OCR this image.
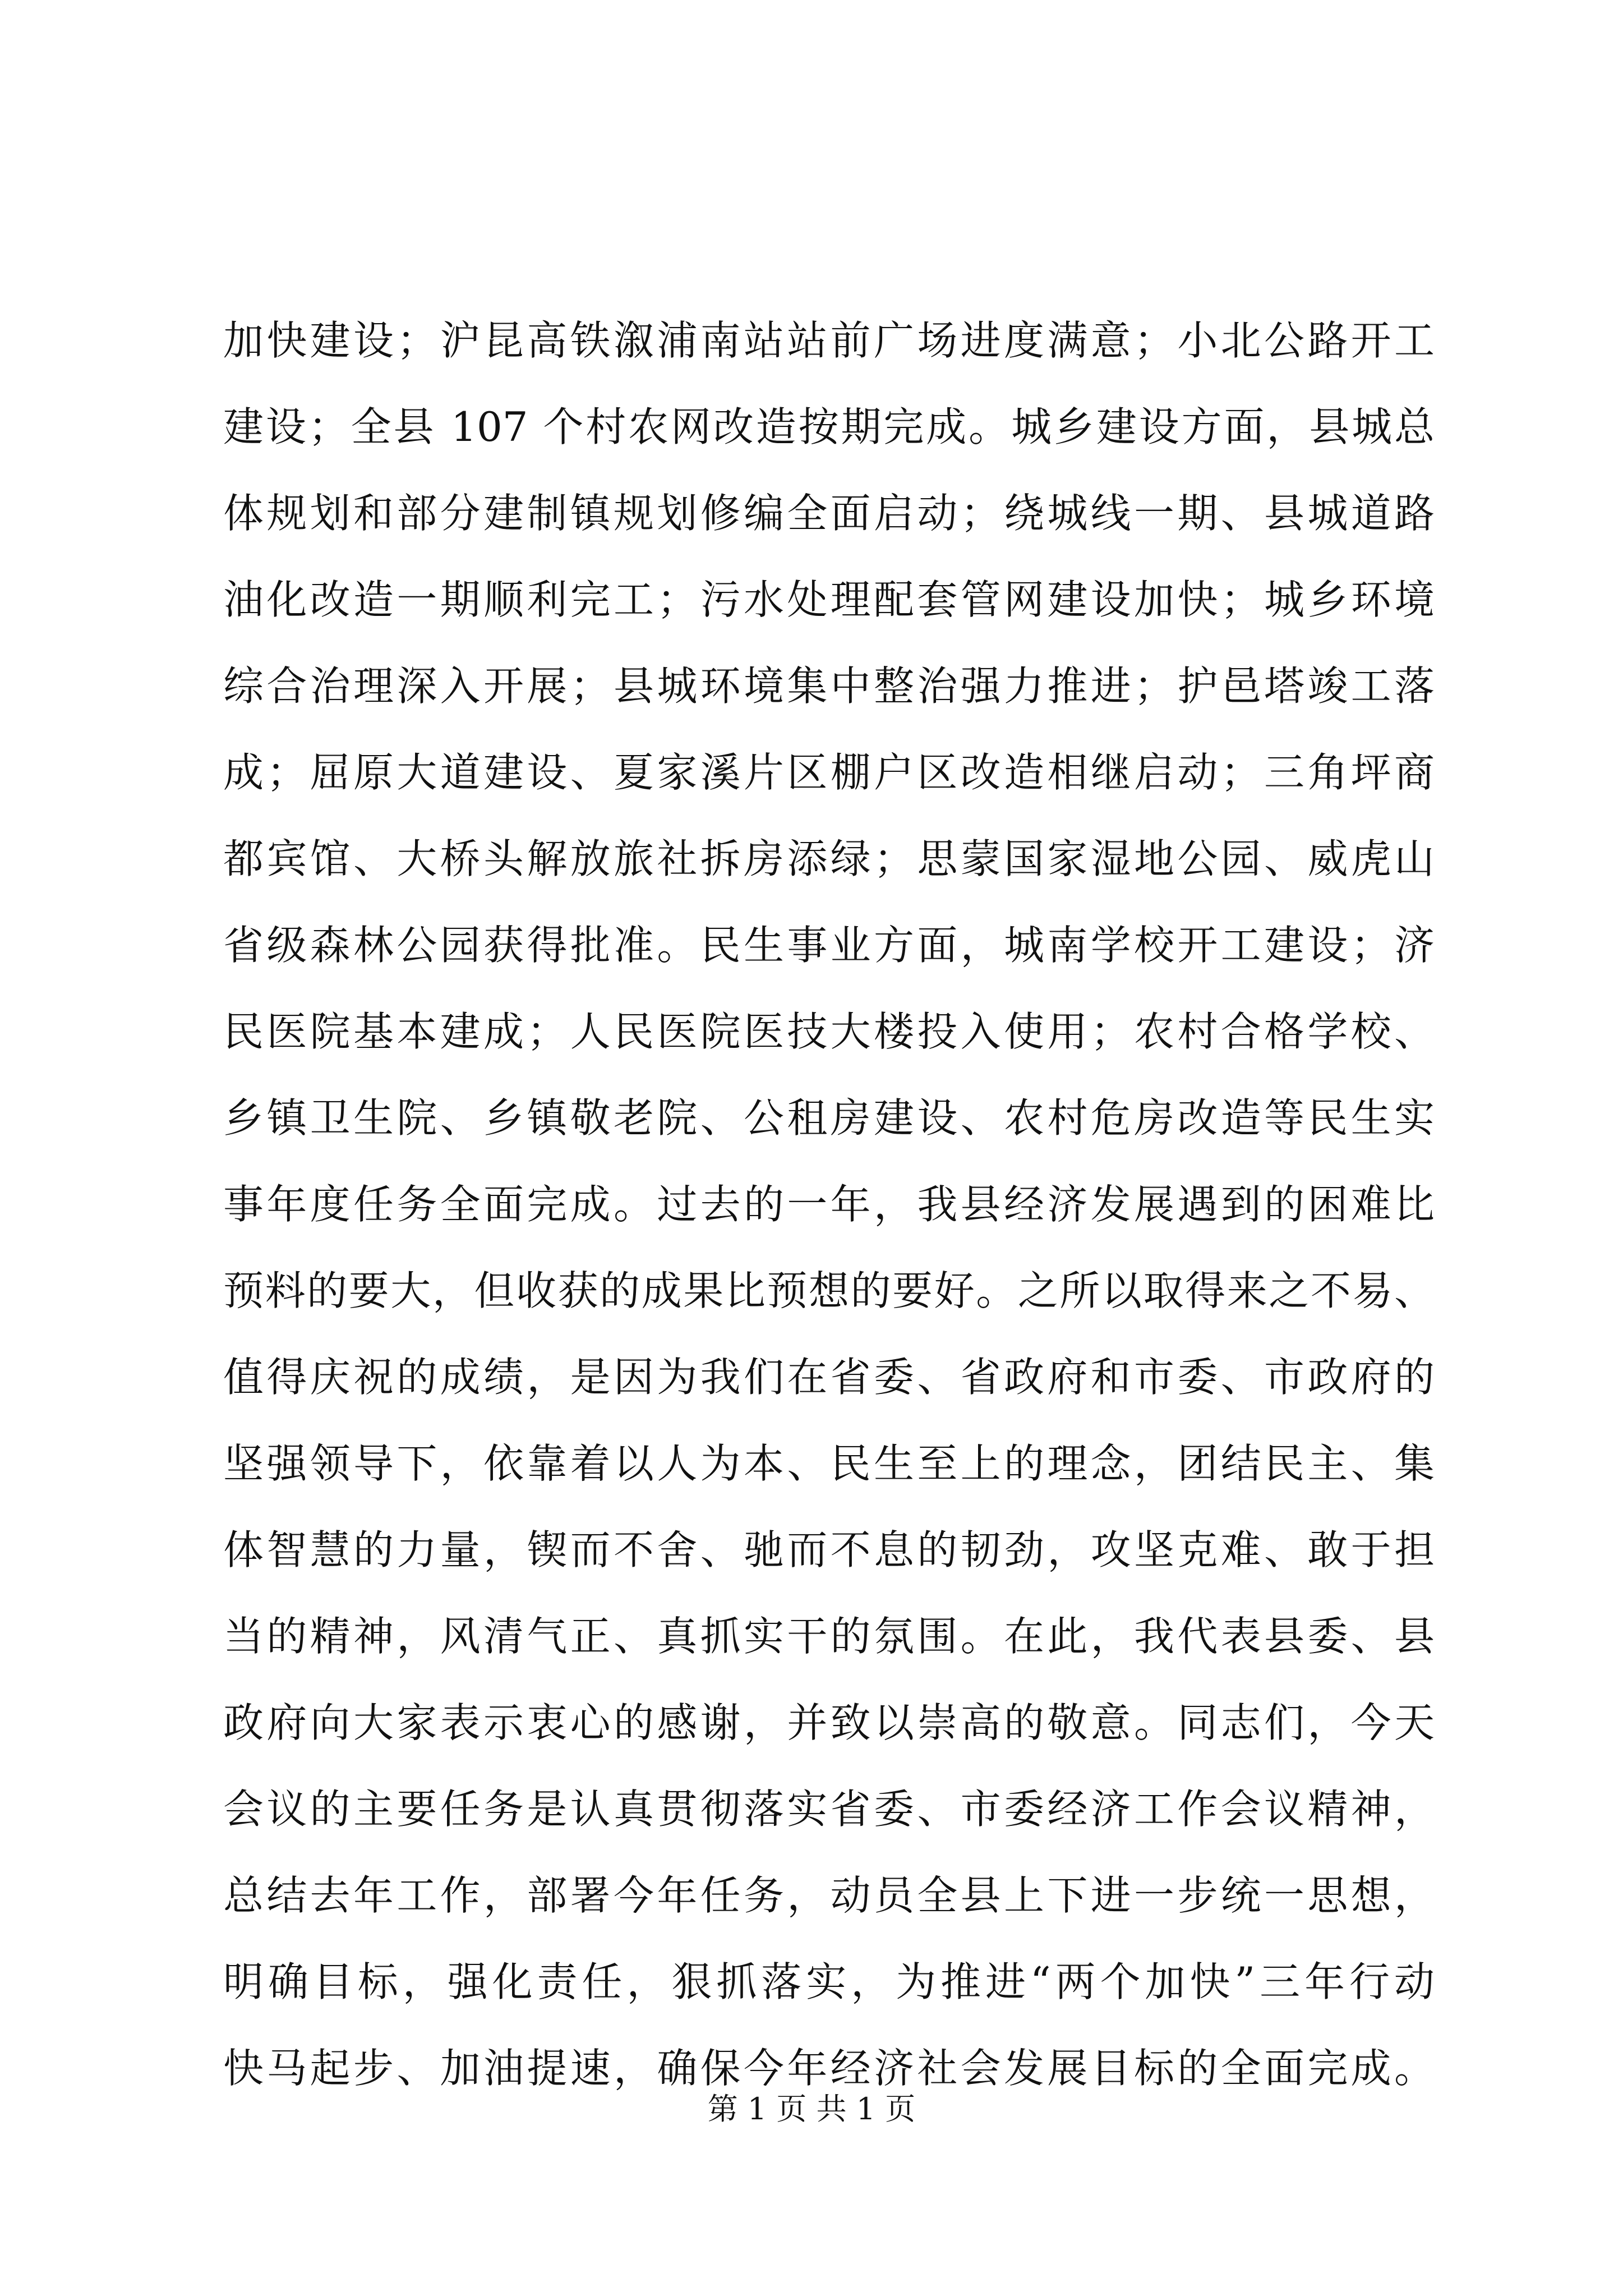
加快建设；沪昆高铁溆浦南站站前广场进度满意；小北公路开工
建设；全县 107 个村农网改造按期完成。城乡建设方面，县城总
体规划和部分建制镇规划修编全面启动；绕城线一期、县城道路
油化改造一期顺利完工；污水处理配套管网建设加快；城乡环境
综合治理深入开展；县城环境集中整治强力推进；护邑塔竣工落
成；屈原大道建设、夏家溪片区棚户区改造相继启动；三角坪商
都宾馆、大桥头解放旅社拆房添绿；思蒙国家湿地公园、威虎山
省级森林公园获得批准。民生事业方面，城南学校开工建设；济
民医院基本建成；人民医院医技大楼投入使用；农村合格学校、
乡镇卫生院、乡镇敬老院、公租房建设、农村危房改造等民生实
事年度任务全面完成。过去的一年，我县经济发展遇到的困难比
预料的要大，但收获的成果比预想的要好。之所以取得来之不易、
值得庆祝的成绩，是因为我们在省委、省政府和市委、市政府的
坚强领导下，依靠着以人为本、民生至上的理念，团结民主、集
体智慧的力量，锲而不舍、驰而不息的韧劲，攻坚克难、敢于担
当的精神，风清气正、真抓实干的氛围。在此，我代表县委、县
政府向大家表示衷心的感谢，并致以崇高的敬意。同志们，今天
会议的主要任务是认真贯彻落实省委、市委经济工作会议精神，
总结去年工作，部署今年任务，动员全县上下进一步统一思想，
明确目标，强化责任，狠抓落实，为推进“两个加快”三年行动
快马起步、加油提速，确保今年经济社会发展目标的全面完成。
第 1 页 共 1 页
